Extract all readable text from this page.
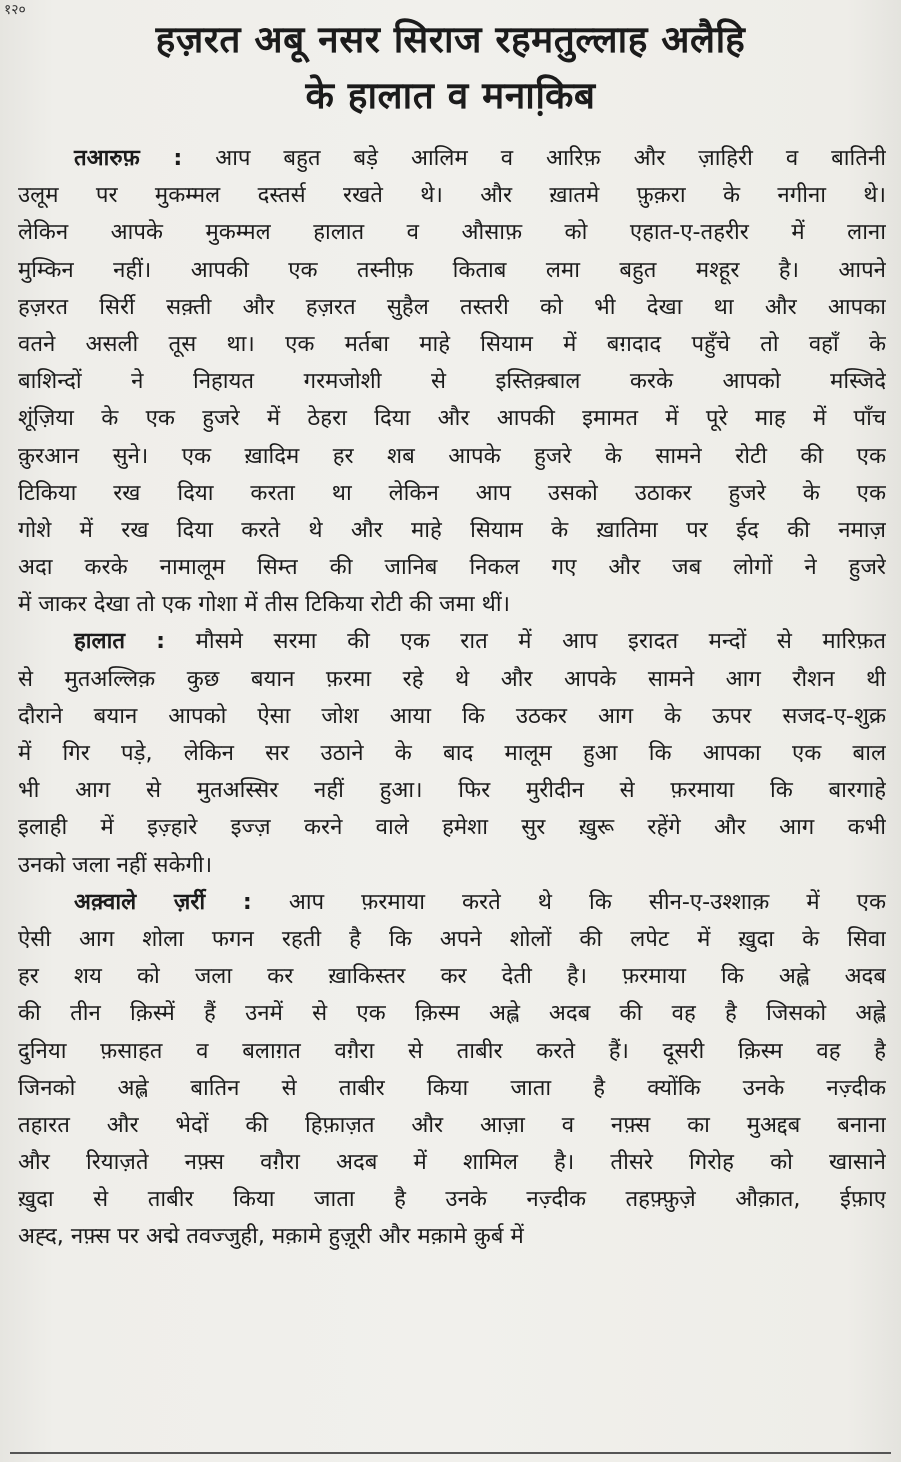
१२०
हज़रत अबू नसर सिराज रहमतुल्लाह अलैहि
के हालात व मनाकि़ब
तआरुफ़ : आप बहुत बड़े आलिम व आरिफ़ और ज़ाहिरी व बातिनी
उलूम पर मुकम्मल दस्तर्स रखते थे। और ख़ातमे फ़ुक़रा के नगीना थे।
लेकिन आपके मुकम्मल हालात व औसाफ़ को एहात-ए-तहरीर में लाना
मुम्किन नहीं। आपकी एक तस्नीफ़ किताब लमा बहुत मश्हूर है। आपने
हज़रत सिर्री सक़्ती और हज़रत सुहैल तस्तरी को भी देखा था और आपका
वतने असली तूस था। एक मर्तबा माहे सियाम में बग़दाद पहुँचे तो वहाँ के
बाशिन्दों ने निहायत गरमजोशी से इस्तिक़्बाल करके आपको मस्जिदे
शूंज़िया के एक हुजरे में ठेहरा दिया और आपकी इमामत में पूरे माह में पाँच
क़ुरआन सुने। एक ख़ादिम हर शब आपके हुजरे के सामने रोटी की एक
टिकिया रख दिया करता था लेकिन आप उसको उठाकर हुजरे के एक
गोशे में रख दिया करते थे और माहे सियाम के ख़ातिमा पर ईद की नमाज़
अदा करके नामालूम सिम्त की जानिब निकल गए और जब लोगों ने हुजरे
में जाकर देखा तो एक गोशा में तीस टिकिया रोटी की जमा थीं।
हालात : मौसमे सरमा की एक रात में आप इरादत मन्दों से मारिफ़त
से मुतअल्लिक़ कुछ बयान फ़रमा रहे थे और आपके सामने आग रौशन थी
दौराने बयान आपको ऐसा जोश आया कि उठकर आग के ऊपर सजद-ए-शुक्र
में गिर पड़े, लेकिन सर उठाने के बाद मालूम हुआ कि आपका एक बाल
भी आग से मुतअस्सिर नहीं हुआ। फिर मुरीदीन से फ़रमाया कि बारगाहे
इलाही में इज़्हारे इज्ज़ करने वाले हमेशा सुर ख़ुरू रहेंगे और आग कभी
उनको जला नहीं सकेगी।
अक़्वाले ज़र्री : आप फ़रमाया करते थे कि सीन-ए-उश्शाक़ में एक
ऐसी आग शोला फगन रहती है कि अपने शोलों की लपेट में ख़ुदा के सिवा
हर शय को जला कर ख़ाकिस्तर कर देती है। फ़रमाया कि अह्ले अदब
की तीन क़िस्में हैं उनमें से एक क़िस्म अह्ले अदब की वह है जिसको अह्ले
दुनिया फ़साहत व बलाग़त वग़ैरा से ताबीर करते हैं। दूसरी क़िस्म वह है
जिनको अह्ले बातिन से ताबीर किया जाता है क्योंकि उनके नज़्दीक
तहारत और भेदों की हिफ़ाज़त और आज़ा व नफ़्स का मुअद्दब बनाना
और रियाज़ते नफ़्स वग़ैरा अदब में शामिल है। तीसरे गिरोह को खासाने
ख़ुदा से ताबीर किया जाता है उनके नज़्दीक तहफ़्फ़ुज़े औक़ात, ईफ़ाए
अह्द, नफ़्स पर अद्मे तवज्जुही, मक़ामे हुज़ूरी और मक़ामे क़ुर्ब में
